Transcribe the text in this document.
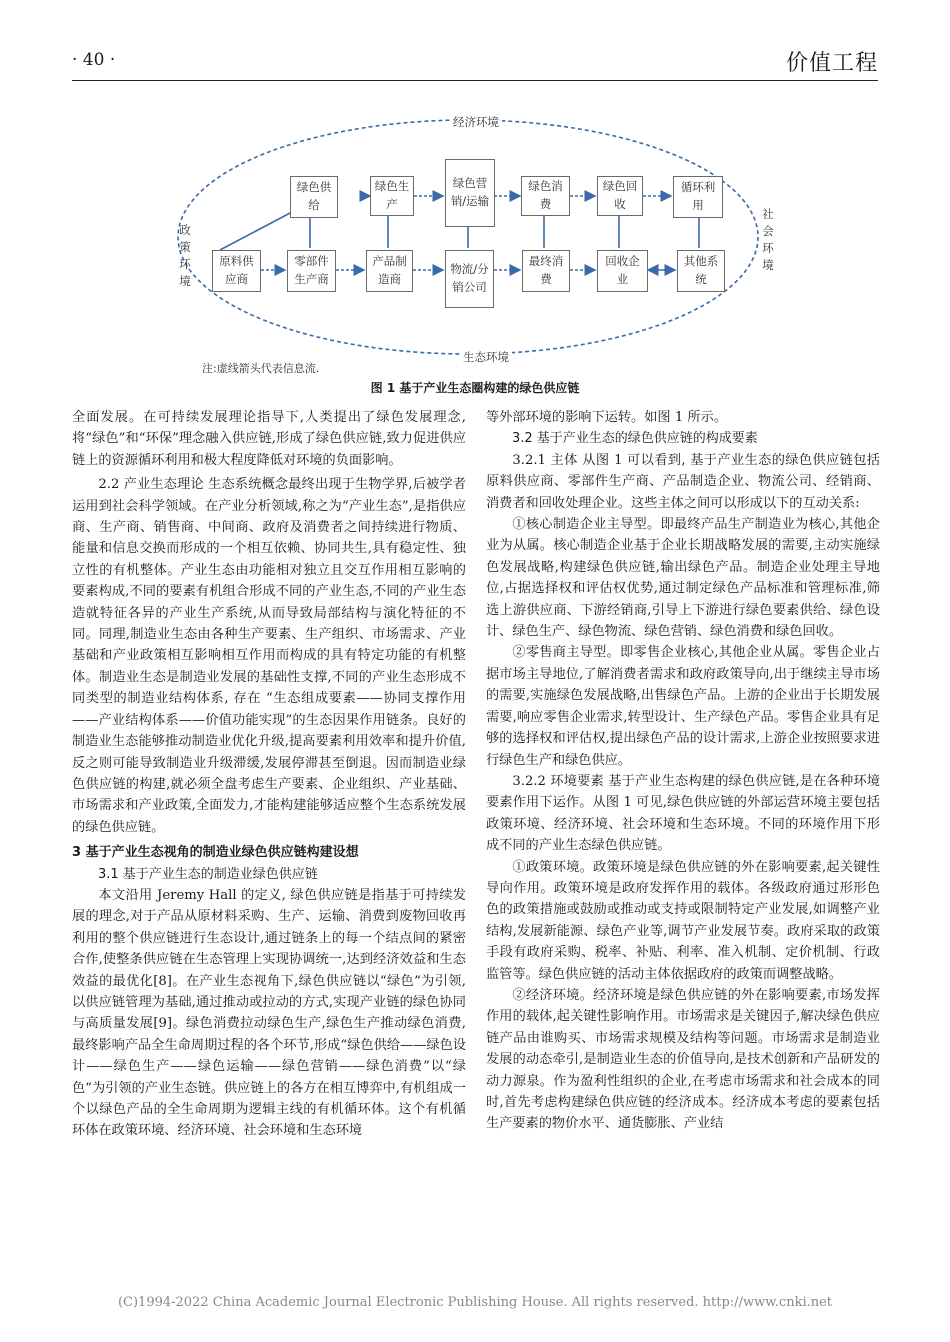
· 40 ·	价值工程
经济环境
生态环境
政策环境
社会环境
绿色供给
绿色生产
绿色营销/运输
绿色消费
绿色回收
循环利用
原料供应商
零部件生产商
产品制造商
物流/分销公司
最终消费
回收企业
其他系统
注:虚线箭头代表信息流.
图 1 基于产业生态圈构建的绿色供应链

全面发展。在可持续发展理论指导下,人类提出了绿色发展理念,将“绿色”和“环保”理念融入供应链,形成了绿色供应链,致力促进供应链上的资源循环利用和极大程度降低对环境的负面影响。

2.2 产业生态理论 生态系统概念最终出现于生物学界,后被学者运用到社会科学领域。在产业分析领域,称之为“产业生态”,是指供应商、生产商、销售商、中间商、政府及消费者之间持续进行物质、能量和信息交换而形成的一个相互依赖、协同共生,具有稳定性、独立性的有机整体。产业生态由功能相对独立且交互作用相互影响的要素构成,不同的要素有机组合形成不同的产业生态,不同的产业生态造就特征各异的产业生产系统,从而导致局部结构与演化特征的不同。同理,制造业生态由各种生产要素、生产组织、市场需求、产业基础和产业政策相互影响相互作用而构成的具有特定功能的有机整体。制造业生态是制造业发展的基础性支撑,不同的产业生态形成不同类型的制造业结构体系, 存在 “生态组成要素——协同支撑作用——产业结构体系——价值功能实现”的生态因果作用链条。良好的制造业生态能够推动制造业优化升级,提高要素利用效率和提升价值,反之则可能导致制造业升级滞缓,发展停滞甚至倒退。因而制造业绿色供应链的构建,就必须全盘考虑生产要素、企业组织、产业基础、市场需求和产业政策,全面发力,才能构建能够适应整个生态系统发展的绿色供应链。

3 基于产业生态视角的制造业绿色供应链构建设想

3.1 基于产业生态的制造业绿色供应链

本文沿用 Jeremy Hall 的定义, 绿色供应链是指基于可持续发展的理念,对于产品从原材料采购、生产、运输、消费到废物回收再利用的整个供应链进行生态设计,通过链条上的每一个结点间的紧密合作,使整条供应链在生态管理上实现协调统一,达到经济效益和生态效益的最优化[8]。在产业生态视角下,绿色供应链以“绿色”为引领,以供应链管理为基础,通过推动或拉动的方式,实现产业链的绿色协同与高质量发展[9]。绿色消费拉动绿色生产,绿色生产推动绿色消费,最终影响产品全生命周期过程的各个环节,形成“绿色供给——绿色设计——绿色生产——绿色运输——绿色营销——绿色消费”以“绿色”为引领的产业生态链。供应链上的各方在相互博弈中,有机组成一个以绿色产品的全生命周期为逻辑主线的有机循环体。这个有机循环体在政策环境、经济环境、社会环境和生态环境

等外部环境的影响下运转。如图 1 所示。

3.2 基于产业生态的绿色供应链的构成要素

3.2.1 主体 从图 1 可以看到, 基于产业生态的绿色供应链包括原料供应商、零部件生产商、产品制造企业、物流公司、经销商、消费者和回收处理企业。这些主体之间可以形成以下的互动关系:

①核心制造企业主导型。即最终产品生产制造业为核心,其他企业为从属。核心制造企业基于企业长期战略发展的需要,主动实施绿色发展战略,构建绿色供应链,输出绿色产品。制造企业处理主导地位,占据选择权和评估权优势,通过制定绿色产品标准和管理标准,筛选上游供应商、下游经销商,引导上下游进行绿色要素供给、绿色设计、绿色生产、绿色物流、绿色营销、绿色消费和绿色回收。

②零售商主导型。即零售企业核心,其他企业从属。零售企业占据市场主导地位,了解消费者需求和政府政策导向,出于继续主导市场的需要,实施绿色发展战略,出售绿色产品。上游的企业出于长期发展需要,响应零售企业需求,转型设计、生产绿色产品。零售企业具有足够的选择权和评估权,提出绿色产品的设计需求,上游企业按照要求进行绿色生产和绿色供应。

3.2.2 环境要素 基于产业生态构建的绿色供应链,是在各种环境要素作用下运作。从图 1 可见,绿色供应链的外部运营环境主要包括政策环境、经济环境、社会环境和生态环境。不同的环境作用下形成不同的产业生态绿色供应链。

①政策环境。政策环境是绿色供应链的外在影响要素,起关键性导向作用。政策环境是政府发挥作用的载体。各级政府通过形形色色的政策措施或鼓励或推动或支持或限制特定产业发展,如调整产业结构,发展新能源、绿色产业等,调节产业发展节奏。政府采取的政策手段有政府采购、税率、补贴、利率、准入机制、定价机制、行政监管等。绿色供应链的活动主体依据政府的政策而调整战略。

②经济环境。经济环境是绿色供应链的外在影响要素,市场发挥作用的载体,起关键性影响作用。市场需求是关键因子,解决绿色供应链产品由谁购买、市场需求规模及结构等问题。市场需求是制造业发展的动态牵引,是制造业生态的价值导向,是技术创新和产品研发的动力源泉。作为盈利性组织的企业,在考虑市场需求和社会成本的同时,首先考虑构建绿色供应链的经济成本。经济成本考虑的要素包括生产要素的物价水平、通货膨胀、产业结

(C)1994-2022 China Academic Journal Electronic Publishing House. All rights reserved. http://www.cnki.net
